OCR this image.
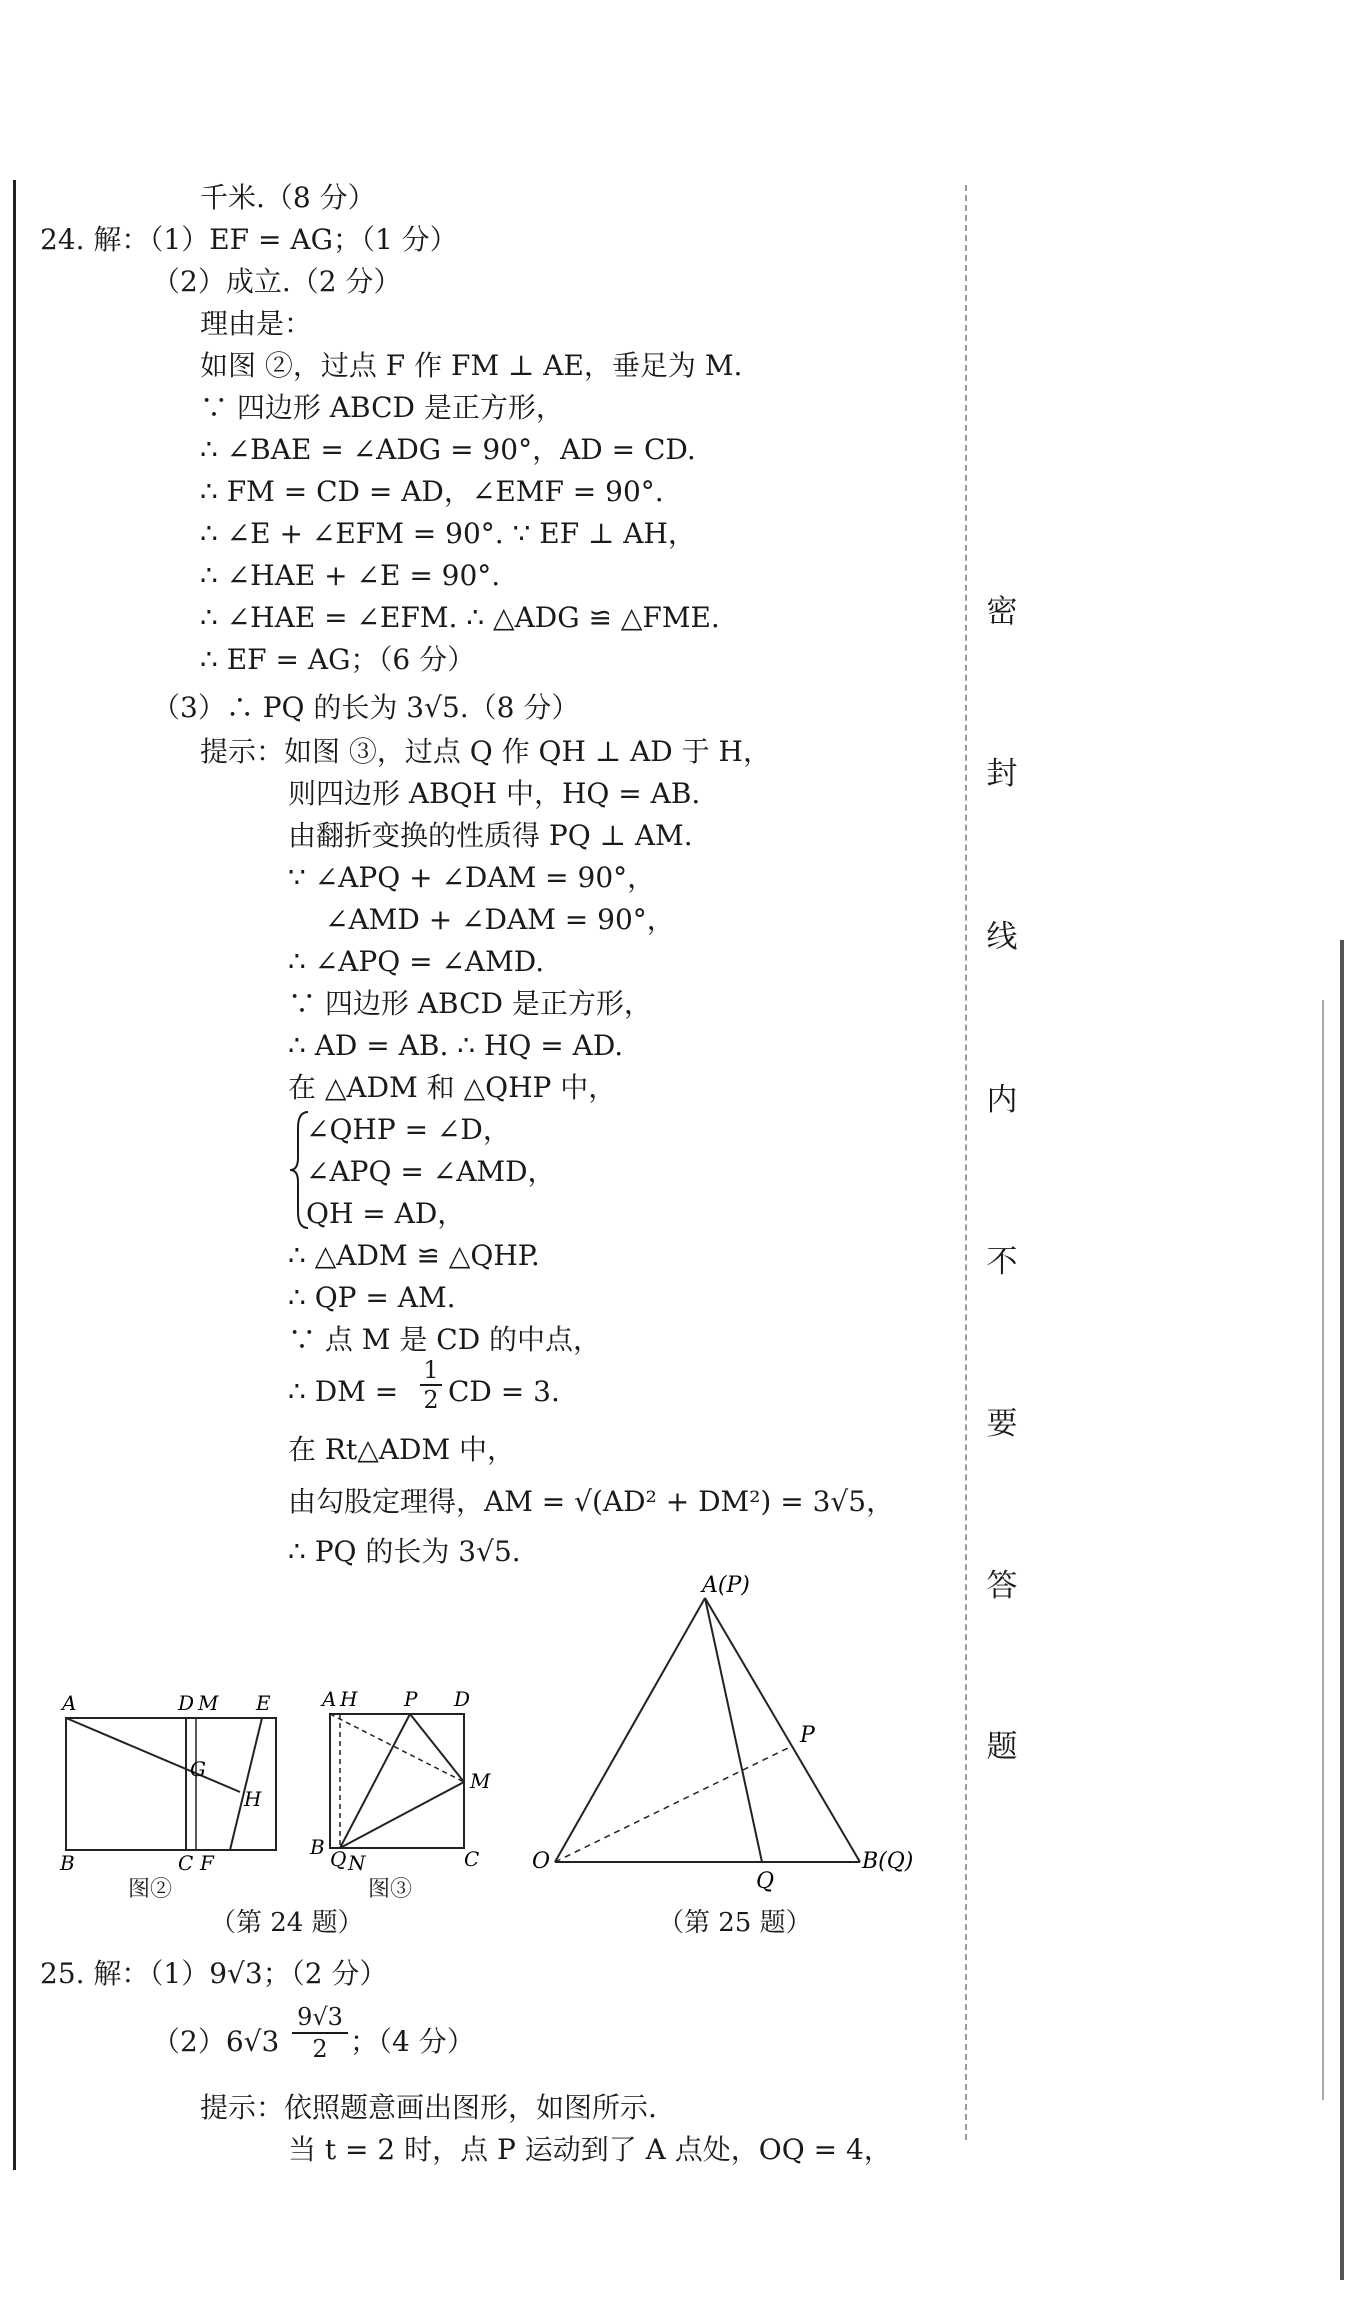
密
封
线
内
不
要
答
题
千米.（8 分）
24. 解：（1）EF = AG；（1 分）
（2）成立.（2 分）
理由是：
如图 ②，过点 F 作 FM ⊥ AE，垂足为 M.
∵ 四边形 ABCD 是正方形，
∴ ∠BAE = ∠ADG = 90°，AD = CD.
∴ FM = CD = AD，∠EMF = 90°.
∴ ∠E + ∠EFM = 90°. ∵ EF ⊥ AH，
∴ ∠HAE + ∠E = 90°.
∴ ∠HAE = ∠EFM. ∴ △ADG ≌ △FME.
∴ EF = AG；（6 分）
（3）∴ PQ 的长为 3√5.（8 分）
提示：如图 ③，过点 Q 作 QH ⊥ AD 于 H，
则四边形 ABQH 中，HQ = AB.
由翻折变换的性质得 PQ ⊥ AM.
∵ ∠APQ + ∠DAM = 90°，
∠AMD + ∠DAM = 90°，
∴ ∠APQ = ∠AMD.
∵ 四边形 ABCD 是正方形，
∴ AD = AB. ∴ HQ = AD.
在 △ADM 和 △QHP 中，
∠QHP = ∠D，
∠APQ = ∠AMD，
QH = AD，
∴ △ADM ≌ △QHP.
∴ QP = AM.
∵ 点 M 是 CD 的中点，
∴ DM = $\frac{1}{2}$ CD = 3.
在 Rt△ADM 中，
由勾股定理得，AM = √(AD² + DM²) = 3√5，
∴ PQ 的长为 3√5.
A	D M E
G
H
B	C F
图②
A H P D
M
B Q N	C
图③
A(P)
P
O
Q
B(Q)
（第 24 题）	（第 25 题）
25. 解：（1）9√3；（2 分）
$(2)6√3 \frac{9√3}{2}$ ；（4 分）
提示：依照题意画出图形，如图所示.
当 t = 2 时，点 P 运动到了 A 点处，OQ = 4，
